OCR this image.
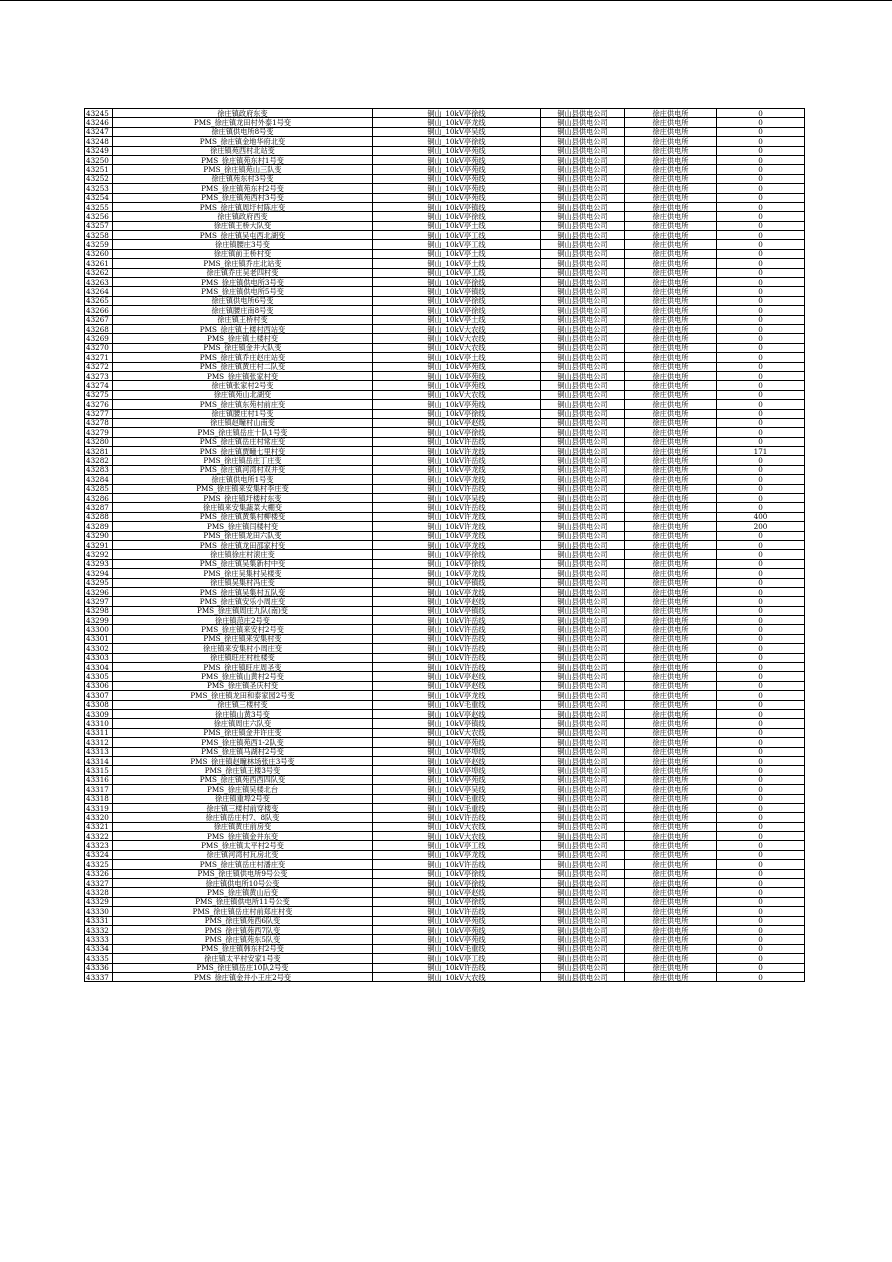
43245	徐庄镇政府东变	铜山_10kV亭徐线	铜山县供电公司	徐庄供电所	0
43246	PMS_徐庄镇龙田村外泰1号变	铜山_10kV亭龙线	铜山县供电公司	徐庄供电所	0
43247	徐庄镇供电所8号变	铜山_10kV亭吴线	铜山县供电公司	徐庄供电所	0
43248	PMS_徐庄镇金地华府北变	铜山_10kV亭徐线	铜山县供电公司	徐庄供电所	0
43249	徐庄镇苑西村北站变	铜山_10kV亭苑线	铜山县供电公司	徐庄供电所	0
43250	PMS_徐庄镇苑东村1号变	铜山_10kV亭苑线	铜山县供电公司	徐庄供电所	0
43251	PMS_徐庄镇苑山三队变	铜山_10kV亭苑线	铜山县供电公司	徐庄供电所	0
43252	徐庄镇苑东村3号变	铜山_10kV亭苑线	铜山县供电公司	徐庄供电所	0
43253	PMS_徐庄镇苑东村2号变	铜山_10kV亭苑线	铜山县供电公司	徐庄供电所	0
43254	PMS_徐庄镇苑西村3号变	铜山_10kV亭苑线	铜山县供电公司	徐庄供电所	0
43255	PMS_徐庄镇周圩村陈庄变	铜山_10kV亭镇线	铜山县供电公司	徐庄供电所	0
43256	徐庄镇政府西变	铜山_10kV亭徐线	铜山县供电公司	徐庄供电所	0
43257	徐庄镇王桥大队变	铜山_10kV亭土线	铜山县供电公司	徐庄供电所	0
43258	PMS_徐庄镇吴屯西北湖变	铜山_10kV亭工线	铜山县供电公司	徐庄供电所	0
43259	徐庄镇腰庄3号变	铜山_10kV亭工线	铜山县供电公司	徐庄供电所	0
43260	徐庄镇前王桥村变	铜山_10kV亭土线	铜山县供电公司	徐庄供电所	0
43261	PMS_徐庄镇乔庄北站变	铜山_10kV亭土线	铜山县供电公司	徐庄供电所	0
43262	徐庄镇乔庄吴老四村变	铜山_10kV亭工线	铜山县供电公司	徐庄供电所	0
43263	PMS_徐庄镇供电所3号变	铜山_10kV亭徐线	铜山县供电公司	徐庄供电所	0
43264	PMS_徐庄镇供电所5号变	铜山_10kV亭镇线	铜山县供电公司	徐庄供电所	0
43265	徐庄镇供电所6号变	铜山_10kV亭徐线	铜山县供电公司	徐庄供电所	0
43266	徐庄镇腰庄南8号变	铜山_10kV亭徐线	铜山县供电公司	徐庄供电所	0
43267	徐庄镇王桥村变	铜山_10kV亭土线	铜山县供电公司	徐庄供电所	0
43268	PMS_徐庄镇土楼村西站变	铜山_10kV大农线	铜山县供电公司	徐庄供电所	0
43269	PMS_徐庄镇土楼村变	铜山_10kV大农线	铜山县供电公司	徐庄供电所	0
43270	PMS_徐庄镇金井大队变	铜山_10kV大农线	铜山县供电公司	徐庄供电所	0
43271	PMS_徐庄镇乔庄赵庄站变	铜山_10kV亭土线	铜山县供电公司	徐庄供电所	0
43272	PMS_徐庄镇黄庄村二队变	铜山_10kV亭苑线	铜山县供电公司	徐庄供电所	0
43273	PMS_徐庄镇张家村变	铜山_10kV亭苑线	铜山县供电公司	徐庄供电所	0
43274	徐庄镇张家村2号变	铜山_10kV亭苑线	铜山县供电公司	徐庄供电所	0
43275	徐庄镇苑山北湖变	铜山_10kV大农线	铜山县供电公司	徐庄供电所	0
43276	PMS_徐庄镇东苑村前庄变	铜山_10kV亭苑线	铜山县供电公司	徐庄供电所	0
43277	徐庄镇腰庄村1号变	铜山_10kV亭徐线	铜山县供电公司	徐庄供电所	0
43278	徐庄镇赵疃村山南变	铜山_10kV亭赵线	铜山县供电公司	徐庄供电所	0
43279	PMS_徐庄镇岳庄十队1号变	铜山_10kV亭徐线	铜山县供电公司	徐庄供电所	0
43280	PMS_徐庄镇岳庄村常庄变	铜山_10kV许岳线	铜山县供电公司	徐庄供电所	0
43281	PMS_徐庄镇贾疃七里村变	铜山_10kV许龙线	铜山县供电公司	徐庄供电所	171
43282	PMS_徐庄镇岳庄丁庄变	铜山_10kV许岳线	铜山县供电公司	徐庄供电所	0
43283	PMS_徐庄镇河湾村双井变	铜山_10kV亭龙线	铜山县供电公司	徐庄供电所	0
43284	徐庄镇供电所1号变	铜山_10kV亭龙线	铜山县供电公司	徐庄供电所	0
43285	PMS_徐庄镇来安集村李庄变	铜山_10kV许岳线	铜山县供电公司	徐庄供电所	0
43286	PMS_徐庄镇圩楼村东变	铜山_10kV亭吴线	铜山县供电公司	徐庄供电所	0
43287	徐庄镇来安集蔬菜大棚变	铜山_10kV许岳线	铜山县供电公司	徐庄供电所	0
43288	PMS_徐庄镇黄集村柳楼变	铜山_10kV许龙线	铜山县供电公司	徐庄供电所	400
43289	PMS_徐庄镇闫楼村变	铜山_10kV许龙线	铜山县供电公司	徐庄供电所	200
43290	PMS_徐庄镇龙田六队变	铜山_10kV亭龙线	铜山县供电公司	徐庄供电所	0
43291	PMS_徐庄镇龙田邵家村变	铜山_10kV亭龙线	铜山县供电公司	徐庄供电所	0
43292	徐庄镇徐庄村滚庄变	铜山_10kV亭徐线	铜山县供电公司	徐庄供电所	0
43293	PMS_徐庄镇吴集新村中变	铜山_10kV亭徐线	铜山县供电公司	徐庄供电所	0
43294	PMS_徐庄吴集村吴楼变	铜山_10kV亭龙线	铜山县供电公司	徐庄供电所	0
43295	徐庄镇吴集村冯庄变	铜山_10kV亭镇线	铜山县供电公司	徐庄供电所	0
43296	PMS_徐庄镇吴集村五队变	铜山_10kV亭龙线	铜山县供电公司	徐庄供电所	0
43297	PMS_徐庄镇安乐小周庄变	铜山_10kV亭赵线	铜山县供电公司	徐庄供电所	0
43298	PMS_徐庄镇周庄九队(南)变	铜山_10kV亭镇线	铜山县供电公司	徐庄供电所	0
43299	徐庄镇范庄2号变	铜山_10kV许岳线	铜山县供电公司	徐庄供电所	0
43300	PMS_徐庄镇来安村2号变	铜山_10kV许岳线	铜山县供电公司	徐庄供电所	0
43301	PMS_徐庄镇来安集村变	铜山_10kV许岳线	铜山县供电公司	徐庄供电所	0
43302	徐庄镇来安集村小周庄变	铜山_10kV许岳线	铜山县供电公司	徐庄供电所	0
43303	徐庄镇旺庄村杜楼变	铜山_10kV许岳线	铜山县供电公司	徐庄供电所	0
43304	PMS_徐庄镇旺庄周圣变	铜山_10kV许岳线	铜山县供电公司	徐庄供电所	0
43305	PMS_徐庄镇山黄村2号变	铜山_10kV亭赵线	铜山县供电公司	徐庄供电所	0
43306	PMS_徐庄镇圣庆村变	铜山_10kV亭赵线	铜山县供电公司	徐庄供电所	0
43307	PMS_徐庄镇龙田和泰家园2号变	铜山_10kV亭龙线	铜山县供电公司	徐庄供电所	0
43308	徐庄镇三楼村变	铜山_10kV毛重线	铜山县供电公司	徐庄供电所	0
43309	徐庄镇山黄3号变	铜山_10kV亭赵线	铜山县供电公司	徐庄供电所	0
43310	徐庄镇周庄六队变	铜山_10kV亭镇线	铜山县供电公司	徐庄供电所	0
43311	PMS_徐庄镇金井许庄变	铜山_10kV大农线	铜山县供电公司	徐庄供电所	0
43312	PMS_徐庄镇苑西1-2队变	铜山_10kV亭苑线	铜山县供电公司	徐庄供电所	0
43313	PMS_徐庄镇马湖村2号变	铜山_10kV亭埠线	铜山县供电公司	徐庄供电所	0
43314	PMS_徐庄镇赵疃林场张庄3号变	铜山_10kV亭赵线	铜山县供电公司	徐庄供电所	0
43315	PMS_徐庄镇王楼3号变	铜山_10kV亭埠线	铜山县供电公司	徐庄供电所	0
43316	PMS_徐庄镇苑西西四队变	铜山_10kV亭苑线	铜山县供电公司	徐庄供电所	0
43317	PMS_徐庄镇吴楼北台	铜山_10kV亭吴线	铜山县供电公司	徐庄供电所	0
43318	徐庄镇重埠2号变	铜山_10kV毛重线	铜山县供电公司	徐庄供电所	0
43319	徐庄镇三楼村前穿楼变	铜山_10kV毛重线	铜山县供电公司	徐庄供电所	0
43320	徐庄镇岳庄村7、8队变	铜山_10kV许岳线	铜山县供电公司	徐庄供电所	0
43321	徐庄镇黄庄前房变	铜山_10kV大农线	铜山县供电公司	徐庄供电所	0
43322	PMS_徐庄镇金井东变	铜山_10kV大农线	铜山县供电公司	徐庄供电所	0
43323	PMS_徐庄镇太平村2号变	铜山_10kV亭工线	铜山县供电公司	徐庄供电所	0
43324	徐庄镇河湾村瓦房北变	铜山_10kV亭龙线	铜山县供电公司	徐庄供电所	0
43325	PMS_徐庄镇岳庄村潘庄变	铜山_10kV许岳线	铜山县供电公司	徐庄供电所	0
43326	PMS_徐庄镇供电所9号公变	铜山_10kV亭徐线	铜山县供电公司	徐庄供电所	0
43327	徐庄镇供电所10号公变	铜山_10kV亭徐线	铜山县供电公司	徐庄供电所	0
43328	PMS_徐庄镇黄山后变	铜山_10kV亭赵线	铜山县供电公司	徐庄供电所	0
43329	PMS_徐庄镇供电所11号公变	铜山_10kV亭徐线	铜山县供电公司	徐庄供电所	0
43330	PMS_徐庄镇岳庄村前郑庄村变	铜山_10kV许岳线	铜山县供电公司	徐庄供电所	0
43331	PMS_徐庄镇苑西6队变	铜山_10kV亭苑线	铜山县供电公司	徐庄供电所	0
43332	PMS_徐庄镇苑西7队变	铜山_10kV亭苑线	铜山县供电公司	徐庄供电所	0
43333	PMS_徐庄镇苑东5队变	铜山_10kV亭苑线	铜山县供电公司	徐庄供电所	0
43334	PMS_徐庄镇韩东村2号变	铜山_10kV毛重线	铜山县供电公司	徐庄供电所	0
43335	徐庄镇太平村安家1号变	铜山_10kV亭工线	铜山县供电公司	徐庄供电所	0
43336	PMS_徐庄镇岳庄10队2号变	铜山_10kV许岳线	铜山县供电公司	徐庄供电所	0
43337	PMS_徐庄镇金井小王庄2号变	铜山_10kV大农线	铜山县供电公司	徐庄供电所	0
